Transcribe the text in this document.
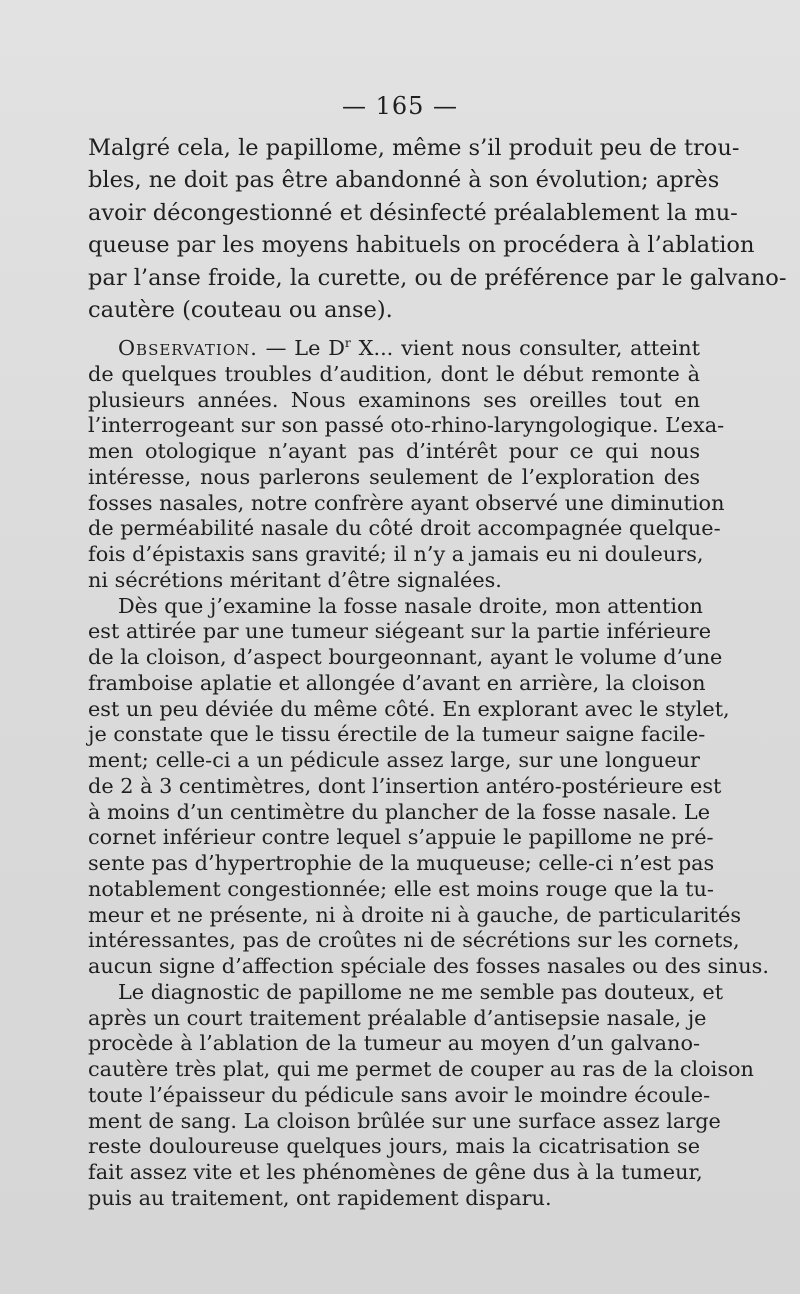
— 165 —

Malgré cela, le papillome, même s’il produit peu de trou-
bles, ne doit pas être abandonné à son évolution; après
avoir décongestionné et désinfecté préalablement la mu-
queuse par les moyens habituels on procédera à l’ablation
par l’anse froide, la curette, ou de préférence par le galvano-
cautère (couteau ou anse).

Observation. — Le $D^r$ X... vient nous consulter, atteint
de quelques troubles d’audition, dont le début remonte à
plusieurs années. Nous examinons ses oreilles tout en
l’interrogeant sur son passé oto-rhino-laryngologique. L’exa-
men otologique n’ayant pas d’intérêt pour ce qui nous
intéresse, nous parlerons seulement de l’exploration des
fosses nasales, notre confrère ayant observé une diminution
de perméabilité nasale du côté droit accompagnée quelque-
fois d’épistaxis sans gravité; il n’y a jamais eu ni douleurs,
ni sécrétions méritant d’être signalées.

Dès que j’examine la fosse nasale droite, mon attention
est attirée par une tumeur siégeant sur la partie inférieure
de la cloison, d’aspect bourgeonnant, ayant le volume d’une
framboise aplatie et allongée d’avant en arrière, la cloison
est un peu déviée du même côté. En explorant avec le stylet,
je constate que le tissu érectile de la tumeur saigne facile-
ment; celle-ci a un pédicule assez large, sur une longueur
de 2 à 3 centimètres, dont l’insertion antéro-postérieure est
à moins d’un centimètre du plancher de la fosse nasale. Le
cornet inférieur contre lequel s’appuie le papillome ne pré-
sente pas d’hypertrophie de la muqueuse; celle-ci n’est pas
notablement congestionnée; elle est moins rouge que la tu-
meur et ne présente, ni à droite ni à gauche, de particularités
intéressantes, pas de croûtes ni de sécrétions sur les cornets,
aucun signe d’affection spéciale des fosses nasales ou des sinus.

Le diagnostic de papillome ne me semble pas douteux, et
après un court traitement préalable d’antisepsie nasale, je
procède à l’ablation de la tumeur au moyen d’un galvano-
cautère très plat, qui me permet de couper au ras de la cloison
toute l’épaisseur du pédicule sans avoir le moindre écoule-
ment de sang. La cloison brûlée sur une surface assez large
reste douloureuse quelques jours, mais la cicatrisation se
fait assez vite et les phénomènes de gêne dus à la tumeur,
puis au traitement, ont rapidement disparu.
